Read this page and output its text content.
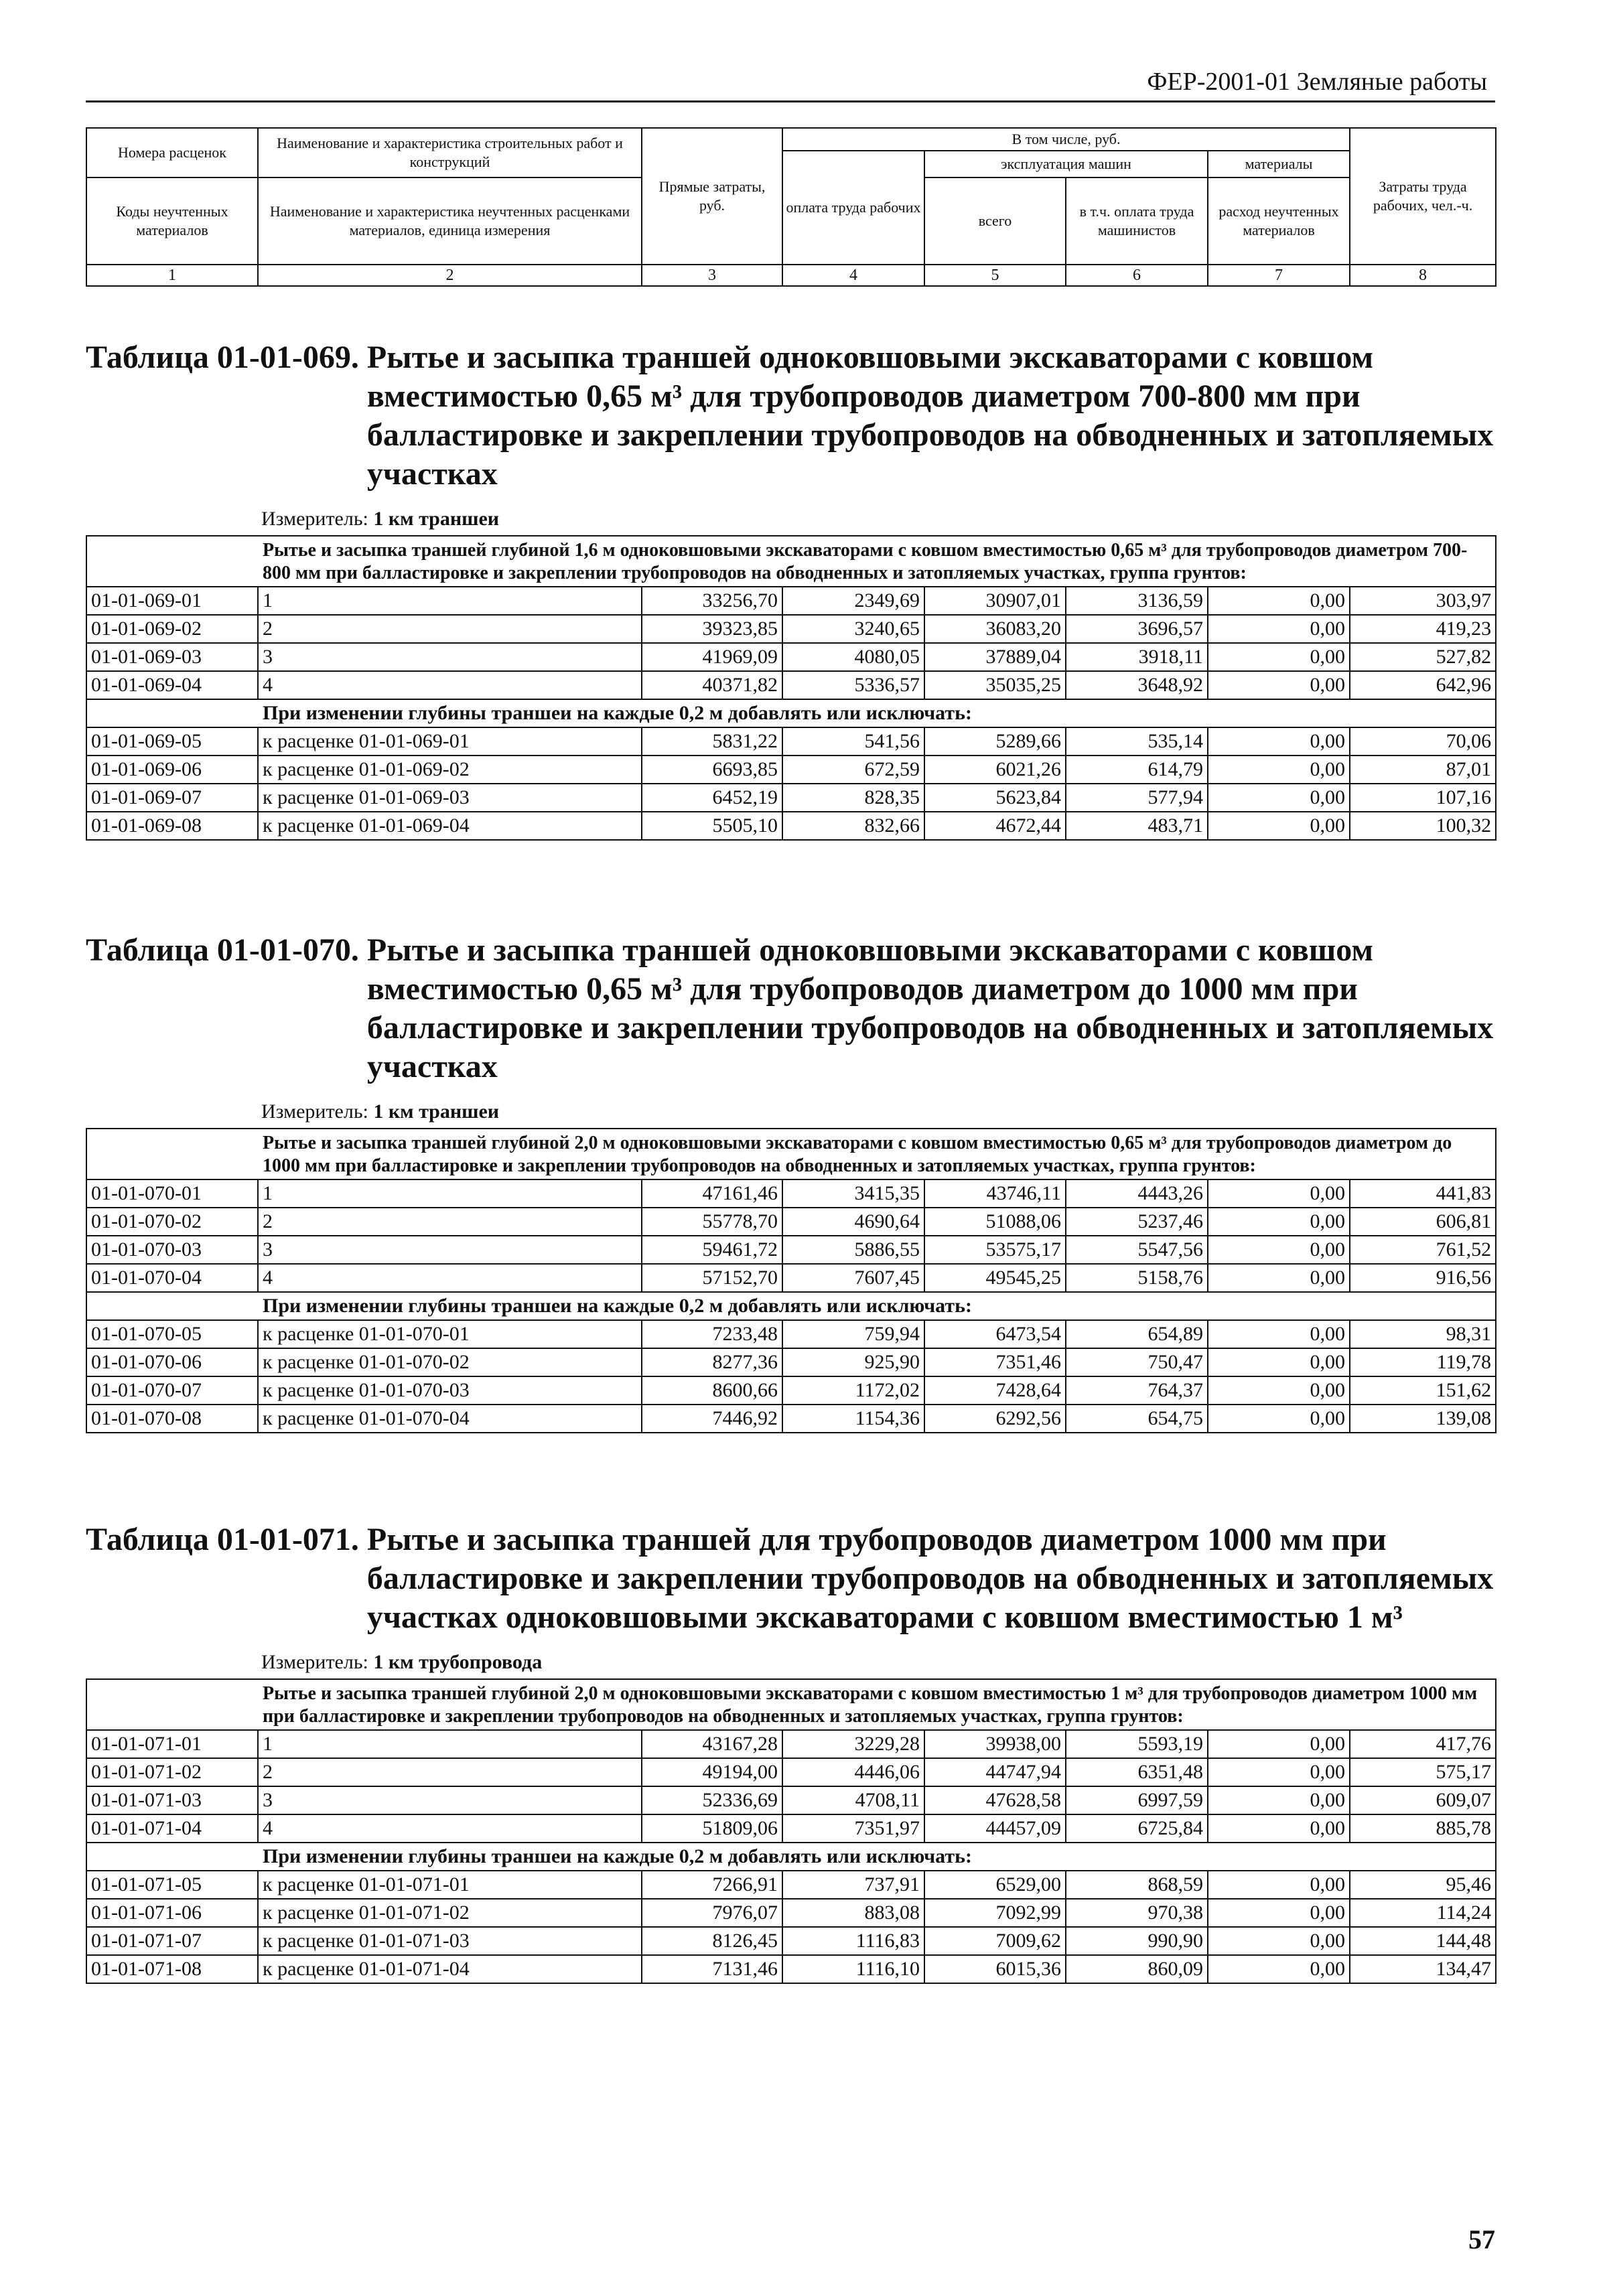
ФЕР-2001-01 Земляные работы
Номера расценок	Наименование и характеристика строительных работ и конструкций	Прямые затраты, руб.	В том числе, руб.				Затраты труда рабочих, чел.-ч.
			оплата труда рабочих	эксплуатация машин		материалы	
Коды неучтенных материалов	Наименование и характеристика неучтенных расценками материалов, единица измерения			всего	в т.ч. оплата труда машинистов	расход неучтенных материалов	

1	2	3	4	5	6	7	8
Таблица 01-01-069. Рытье и засыпка траншей одноковшовыми экскаваторами с ковшом вместимостью 0,65 м³ для трубопроводов диаметром 700-800 мм при балластировке и закреплении трубопроводов на обводненных и затопляемых участках
Измеритель: 1 км траншеи
Рытье и засыпка траншей глубиной 1,6 м одноковшовыми экскаваторами с ковшом вместимостью 0,65 м³ для трубопроводов диаметром 700-800 мм при балластировке и закреплении трубопроводов на обводненных и затопляемых участках, группа грунтов:							
01-01-069-01	1	33256,70	2349,69	30907,01	3136,59	0,00	303,97
01-01-069-02	2	39323,85	3240,65	36083,20	3696,57	0,00	419,23
01-01-069-03	3	41969,09	4080,05	37889,04	3918,11	0,00	527,82
01-01-069-04	4	40371,82	5336,57	35035,25	3648,92	0,00	642,96
При изменении глубины траншеи на каждые 0,2 м добавлять или исключать:							
01-01-069-05	к расценке 01-01-069-01	5831,22	541,56	5289,66	535,14	0,00	70,06
01-01-069-06	к расценке 01-01-069-02	6693,85	672,59	6021,26	614,79	0,00	87,01
01-01-069-07	к расценке 01-01-069-03	6452,19	828,35	5623,84	577,94	0,00	107,16
01-01-069-08	к расценке 01-01-069-04	5505,10	832,66	4672,44	483,71	0,00	100,32
Таблица 01-01-070. Рытье и засыпка траншей одноковшовыми экскаваторами с ковшом вместимостью 0,65 м³ для трубопроводов диаметром до 1000 мм при балластировке и закреплении трубопроводов на обводненных и затопляемых участках
Измеритель: 1 км траншеи
Рытье и засыпка траншей глубиной 2,0 м одноковшовыми экскаваторами с ковшом вместимостью 0,65 м³ для трубопроводов диаметром до 1000 мм при балластировке и закреплении трубопроводов на обводненных и затопляемых участках, группа грунтов:							
01-01-070-01	1	47161,46	3415,35	43746,11	4443,26	0,00	441,83
01-01-070-02	2	55778,70	4690,64	51088,06	5237,46	0,00	606,81
01-01-070-03	3	59461,72	5886,55	53575,17	5547,56	0,00	761,52
01-01-070-04	4	57152,70	7607,45	49545,25	5158,76	0,00	916,56
При изменении глубины траншеи на каждые 0,2 м добавлять или исключать:							
01-01-070-05	к расценке 01-01-070-01	7233,48	759,94	6473,54	654,89	0,00	98,31
01-01-070-06	к расценке 01-01-070-02	8277,36	925,90	7351,46	750,47	0,00	119,78
01-01-070-07	к расценке 01-01-070-03	8600,66	1172,02	7428,64	764,37	0,00	151,62
01-01-070-08	к расценке 01-01-070-04	7446,92	1154,36	6292,56	654,75	0,00	139,08
Таблица 01-01-071. Рытье и засыпка траншей для трубопроводов диаметром 1000 мм при балластировке и закреплении трубопроводов на обводненных и затопляемых участках одноковшовыми экскаваторами с ковшом вместимостью 1 м³
Измеритель: 1 км трубопровода
Рытье и засыпка траншей глубиной 2,0 м одноковшовыми экскаваторами с ковшом вместимостью 1 м³ для трубопроводов диаметром 1000 мм при балластировке и закреплении трубопроводов на обводненных и затопляемых участках, группа грунтов:							
01-01-071-01	1	43167,28	3229,28	39938,00	5593,19	0,00	417,76
01-01-071-02	2	49194,00	4446,06	44747,94	6351,48	0,00	575,17
01-01-071-03	3	52336,69	4708,11	47628,58	6997,59	0,00	609,07
01-01-071-04	4	51809,06	7351,97	44457,09	6725,84	0,00	885,78
При изменении глубины траншеи на каждые 0,2 м добавлять или исключать:							
01-01-071-05	к расценке 01-01-071-01	7266,91	737,91	6529,00	868,59	0,00	95,46
01-01-071-06	к расценке 01-01-071-02	7976,07	883,08	7092,99	970,38	0,00	114,24
01-01-071-07	к расценке 01-01-071-03	8126,45	1116,83	7009,62	990,90	0,00	144,48
01-01-071-08	к расценке 01-01-071-04	7131,46	1116,10	6015,36	860,09	0,00	134,47
57
